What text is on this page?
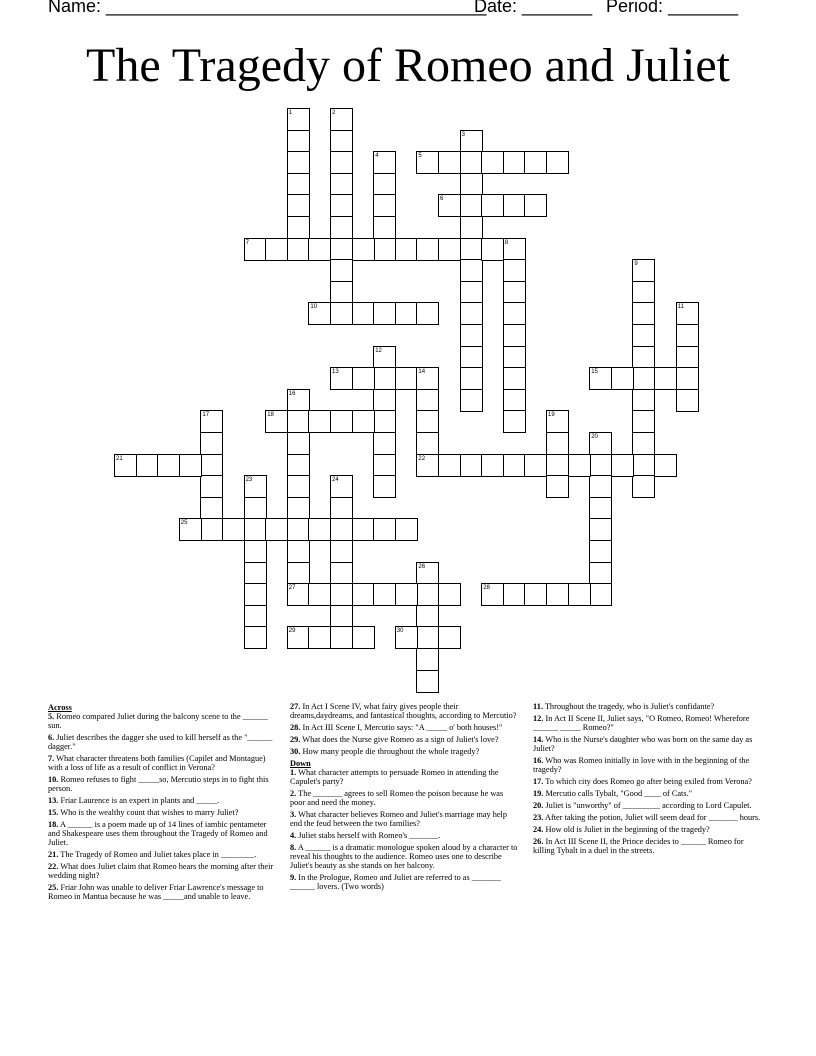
Name: ______________________________________
Date: _______ Period: _______
The Tragedy of Romeo and Juliet
1	2
3
4	5
6
7	8
9
10	11
12
13	14
22
15
16
17	18	19
20
21
23	24
25
26
27	28
29	30
Across
5. Romeo compared Juliet during the balcony scene to the ______ sun.
6. Juliet describes the dagger she used to kill herself as the "______ dagger."
7. What character threatens both families (Capilet and Montague) with a loss of life as a result of conflict in Verona?
10. Romeo refuses to fight _____so, Mercutio steps in to fight this person.
13. Friar Laurence is an expert in plants and _____.
15. Who is the wealthy count that wishes to marry Juliet?
18. A ______ is a poem made up of 14 lines of iambic pentameter and Shakespeare uses them throughout the Tragedy of Romeo and Juliet.
21. The Tragedy of Romeo and Juliet takes place in ________.
22. What does Juliet claim that Romeo hears the morning after their wedding night?
25. Friar John was unable to deliver Friar Lawrence's message to Romeo in Mantua because he was _____and unable to leave.
27. In Act I Scene IV, what fairy gives people their dreams,daydreams, and fantastical thoughts, according to Mercutio?
28. In Act III Scene I, Mercutio says: "A _____ o' both houses!"
29. What does the Nurse give Romeo as a sign of Juliet's love?
30. How many people die throughout the whole tragedy?
Down
1. What character attempts to persuade Romeo in attending the Capulet's party?
2. The _______ agrees to sell Romeo the poison because he was poor and need the money.
3. What character believes Romeo and Juliet's marriage may help end the feud between the two families?
4. Juliet stabs herself with Romeo's _______.
8. A ______ is a dramatic monologue spoken aloud by a character to reveal his thoughts to the audience. Romeo uses one to describe Juliet's beauty as she stands on her balcony.
9. In the Prologue, Romeo and Juliet are referred to as _______ ______ lovers. (Two words)
11. Throughout the tragedy, who is Juliet's confidante?
12. In Act II Scene II, Juliet says, "O Romeo, Romeo! Wherefore ______ _____ Romeo?"
14. Who is the Nurse's daughter who was born on the same day as Juliet?
16. Who was Romeo initially in love with in the beginning of the tragedy?
17. To which city does Romeo go after being exiled from Verona?
19. Mercutio calls Tybalt, "Good ____ of Cats."
20. Juliet is "unworthy" of _________ according to Lord Capulet.
23. After taking the potion, Juliet will seem dead for _______ hours.
24. How old is Juliet in the beginning of the tragedy?
26. In Act III Scene II, the Prince decides to ______ Romeo for killing Tybalt in a duel in the streets.
